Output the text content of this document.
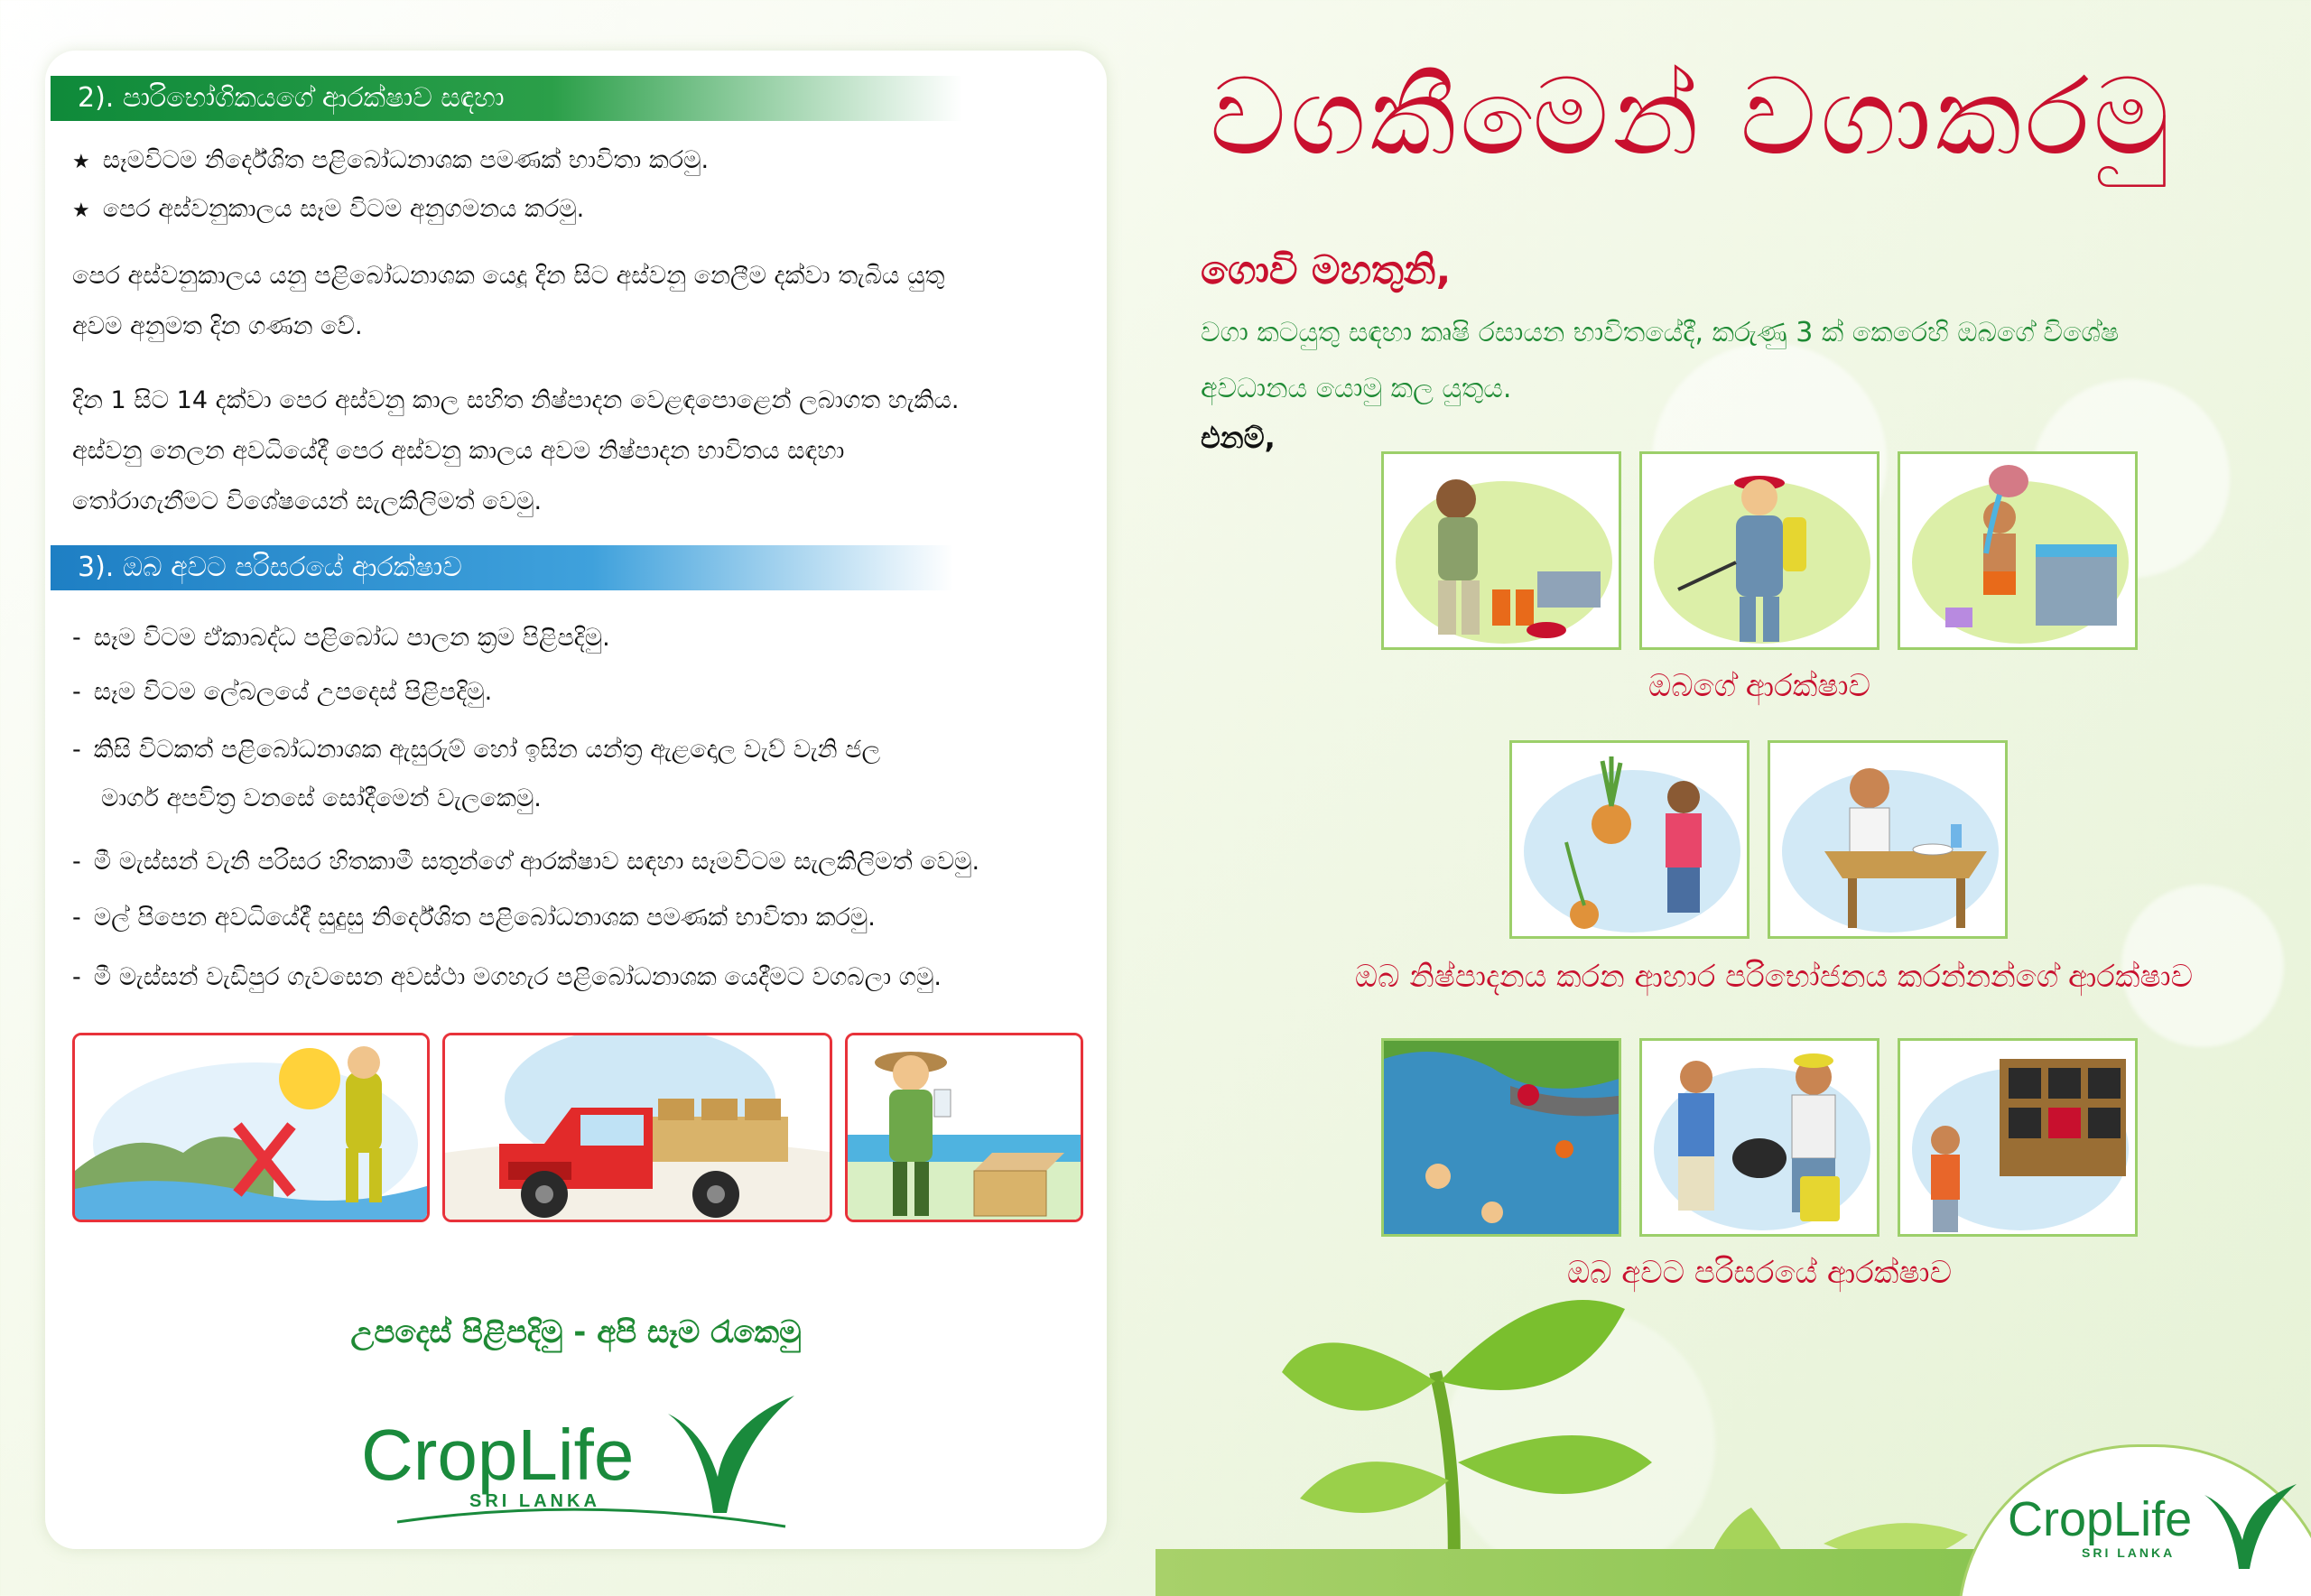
2). පාරිභෝගිකයගේ ආරක්ෂාව සඳහා
★ සෑමවිටම නිර්දේශිත පළිබෝධනාශක පමණක් භාවිතා කරමු.
★ පෙර අස්වනුකාලය සෑම විටම අනුගමනය කරමු.
පෙර අස්වනුකාලය යනු පළිබෝධනාශක යෙදූ දින සිට අස්වනු නෙලීම දක්වා තැබිය යුතු
අවම අනුමත දින ගණන වේ.
දින 1 සිට 14 දක්වා පෙර අස්වනු කාල සහිත නිෂ්පාදන වෙළඳපොළෙන් ලබාගත හැකිය.
අස්වනු නෙලන අවධියේදී පෙර අස්වනු කාලය අවම නිෂ්පාදන භාවිතය සඳහා
තෝරාගැනීමට විශේෂයෙන් සැලකිලිමත් වෙමු.
3). ඔබ අවට පරිසරයේ ආරක්ෂාව
- සෑම විටම ඒකාබද්ධ පළිබෝධ පාලන ක්‍රම පිළිපදිමු.
- සෑම විටම ලේබලයේ උපදෙස් පිළිපදිමු.
- කිසි විටකත් පළිබෝධනාශක ඇසුරුම් හෝ ඉසින යන්ත්‍ර ඇළදොල වැව් වැනි ජල
මාර්ග අපවිත්‍ර වනසේ සෝදීමෙන් වැලකෙමු.
- මී මැස්සන් වැනි පරිසර හිතකාමී සතුන්ගේ ආරක්ෂාව සඳහා සෑමවිටම සැලකිලිමත් වෙමු.
- මල් පිපෙන අවධියේදී සුදුසු නිර්දේශිත පළිබෝධනාශක පමණක් භාවිතා කරමු.
- මී මැස්සන් වැඩිපුර ගැවසෙන අවස්ථා මගහැර පළිබෝධනාශක යෙදීමට වගබලා ගමු.
උපදෙස් පිළිපදිමු - අපි සෑම රැකෙමු
CropLife
SRI LANKA
වගකීමෙන් වගාකරමු
ගොවි මහතුනි,
වගා කටයුතු සඳහා කෘෂි රසායන භාවිතයේදී, කරුණු 3 ක් කෙරෙහි ඔබගේ විශේෂ
අවධානය යොමු කල යුතුය.
එනම්,
ඔබගේ ආරක්ෂාව
ඔබ නිෂ්පාදනය කරන ආහාර පරිභෝජනය කරන්නන්ගේ ආරක්ෂාව
ඔබ අවට පරිසරයේ ආරක්ෂාව
CropLife
SRI LANKA
